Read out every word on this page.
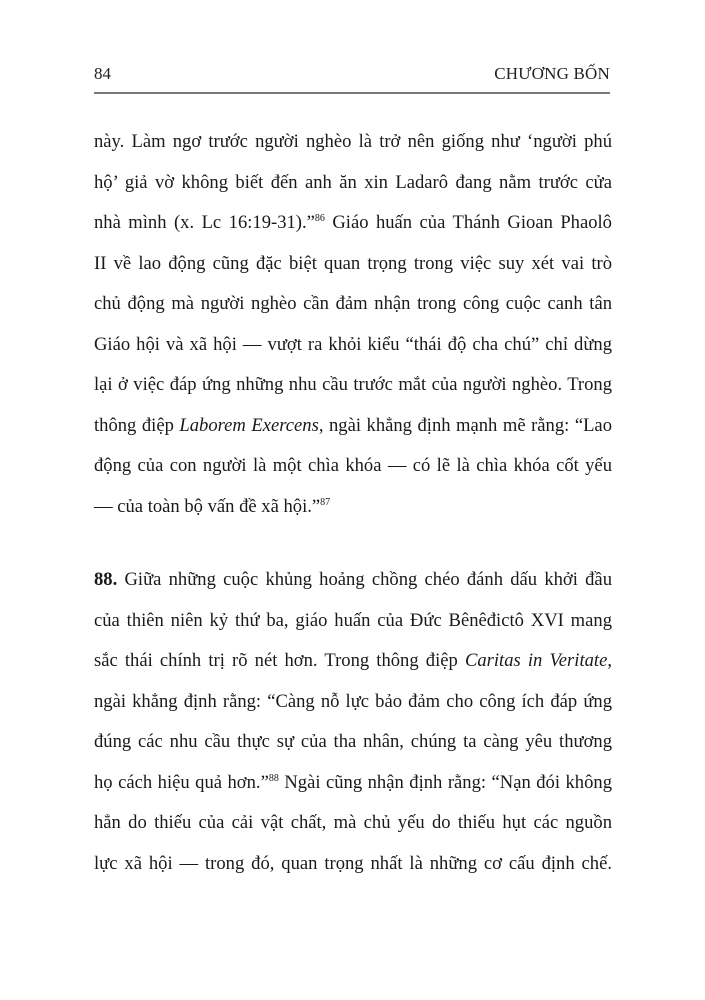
84	CHƯƠNG BỐN
này. Làm ngơ trước người nghèo là trở nên giống như ‘người phú
hộ’ giả vờ không biết đến anh ăn xin Ladarô đang nằm trước cửa
nhà mình (x. Lc 16:19-31).”$^{86}$ Giáo huấn của Thánh Gioan Phaolô
II về lao động cũng đặc biệt quan trọng trong việc suy xét vai trò
chủ động mà người nghèo cần đảm nhận trong công cuộc canh tân
Giáo hội và xã hội — vượt ra khỏi kiểu “thái độ cha chú” chỉ dừng
lại ở việc đáp ứng những nhu cầu trước mắt của người nghèo. Trong
thông điệp Laborem Exercens, ngài khẳng định mạnh mẽ rằng: “Lao
động của con người là một chìa khóa — có lẽ là chìa khóa cốt yếu
— của toàn bộ vấn đề xã hội.”$^{87}$
88. Giữa những cuộc khủng hoảng chồng chéo đánh dấu khởi đầu
của thiên niên kỷ thứ ba, giáo huấn của Đức Bênêđictô XVI mang
sắc thái chính trị rõ nét hơn. Trong thông điệp Caritas in Veritate,
ngài khẳng định rằng: “Càng nỗ lực bảo đảm cho công ích đáp ứng
đúng các nhu cầu thực sự của tha nhân, chúng ta càng yêu thương
họ cách hiệu quả hơn.”$^{88}$ Ngài cũng nhận định rằng: “Nạn đói không
hẳn do thiếu của cải vật chất, mà chủ yếu do thiếu hụt các nguồn
lực xã hội — trong đó, quan trọng nhất là những cơ cấu định chế.
